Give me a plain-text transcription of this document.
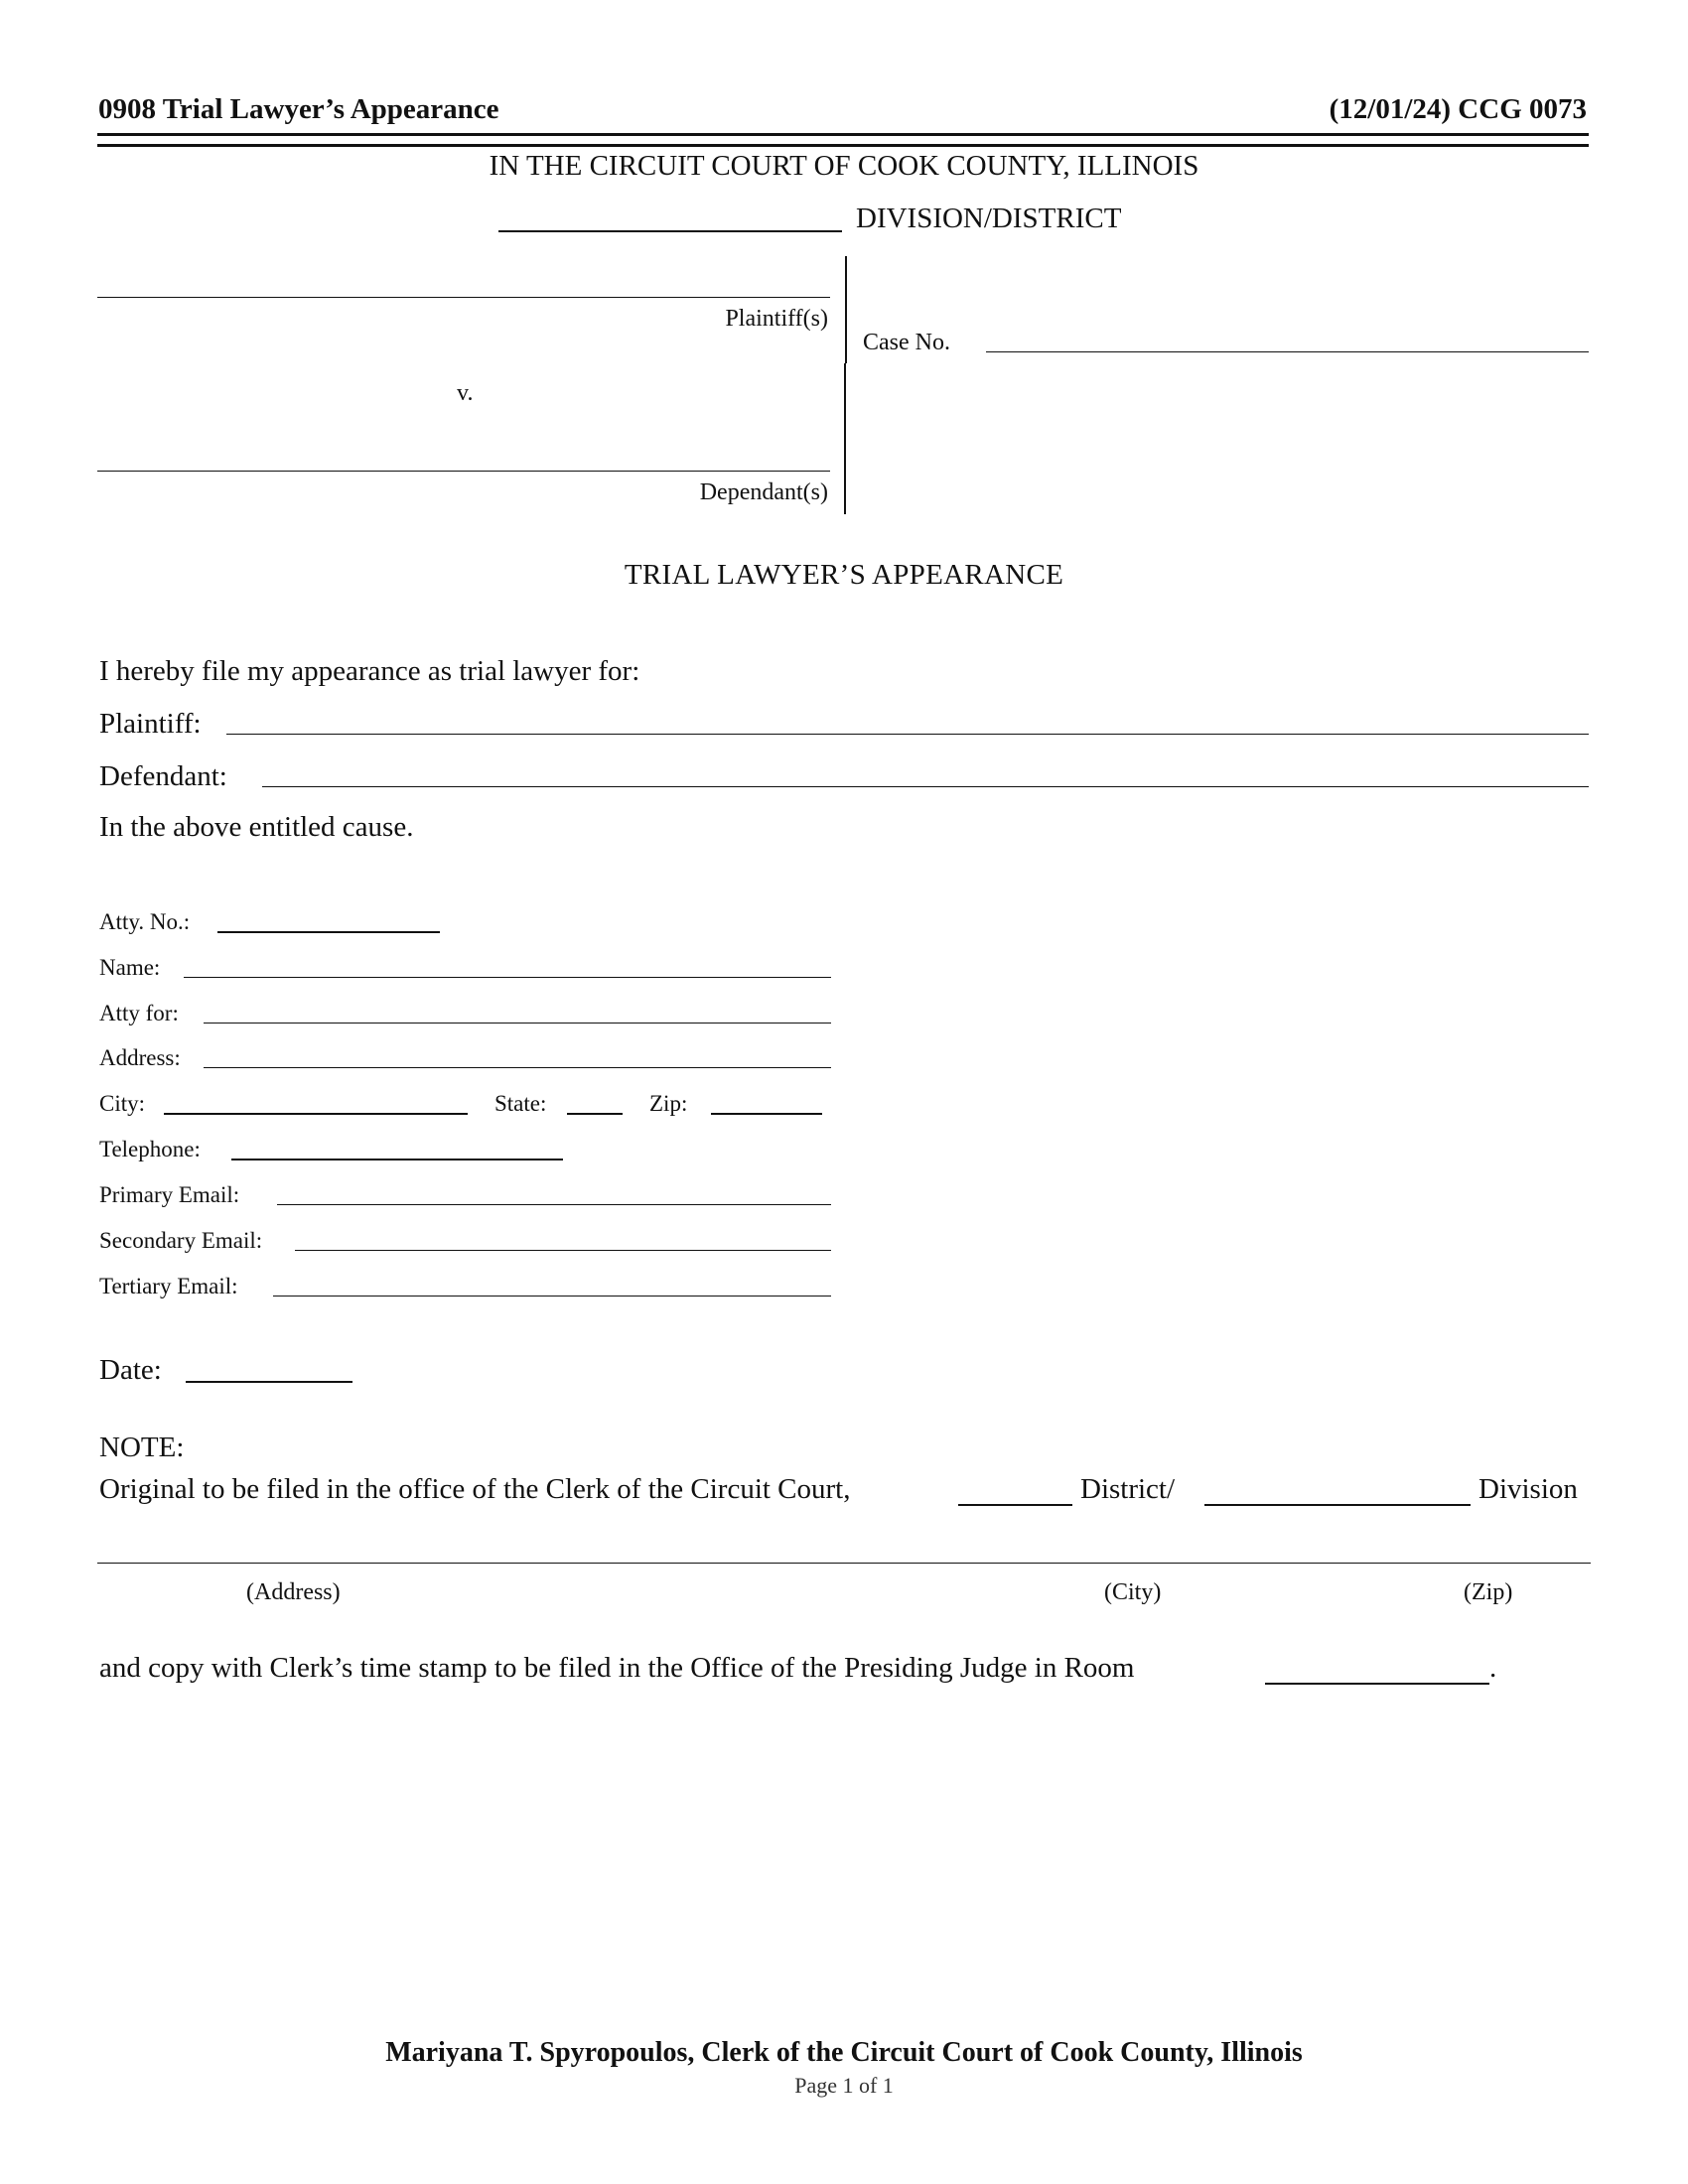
0908 Trial Lawyer’s Appearance	(12/01/24) CCG 0073
IN THE CIRCUIT COURT OF COOK COUNTY, ILLINOIS
DIVISION/DISTRICT
Plaintiff(s)
v.
Dependant(s)
Case No.
TRIAL LAWYER’S APPEARANCE
I hereby file my appearance as trial lawyer for:
Plaintiff:
Defendant:
In the above entitled cause.
Atty. No.:
Name:
Atty for:
Address:
City:	State:	Zip:
Telephone:
Primary Email:
Secondary Email:
Tertiary Email:
Date:
NOTE:
Original to be filed in the office of the Clerk of the Circuit Court,	District/	Division
(Address)	(City)	(Zip)
and copy with Clerk’s time stamp to be filed in the Office of the Presiding Judge in Room	.
Mariyana T. Spyropoulos, Clerk of the Circuit Court of Cook County, Illinois
Page 1 of 1
